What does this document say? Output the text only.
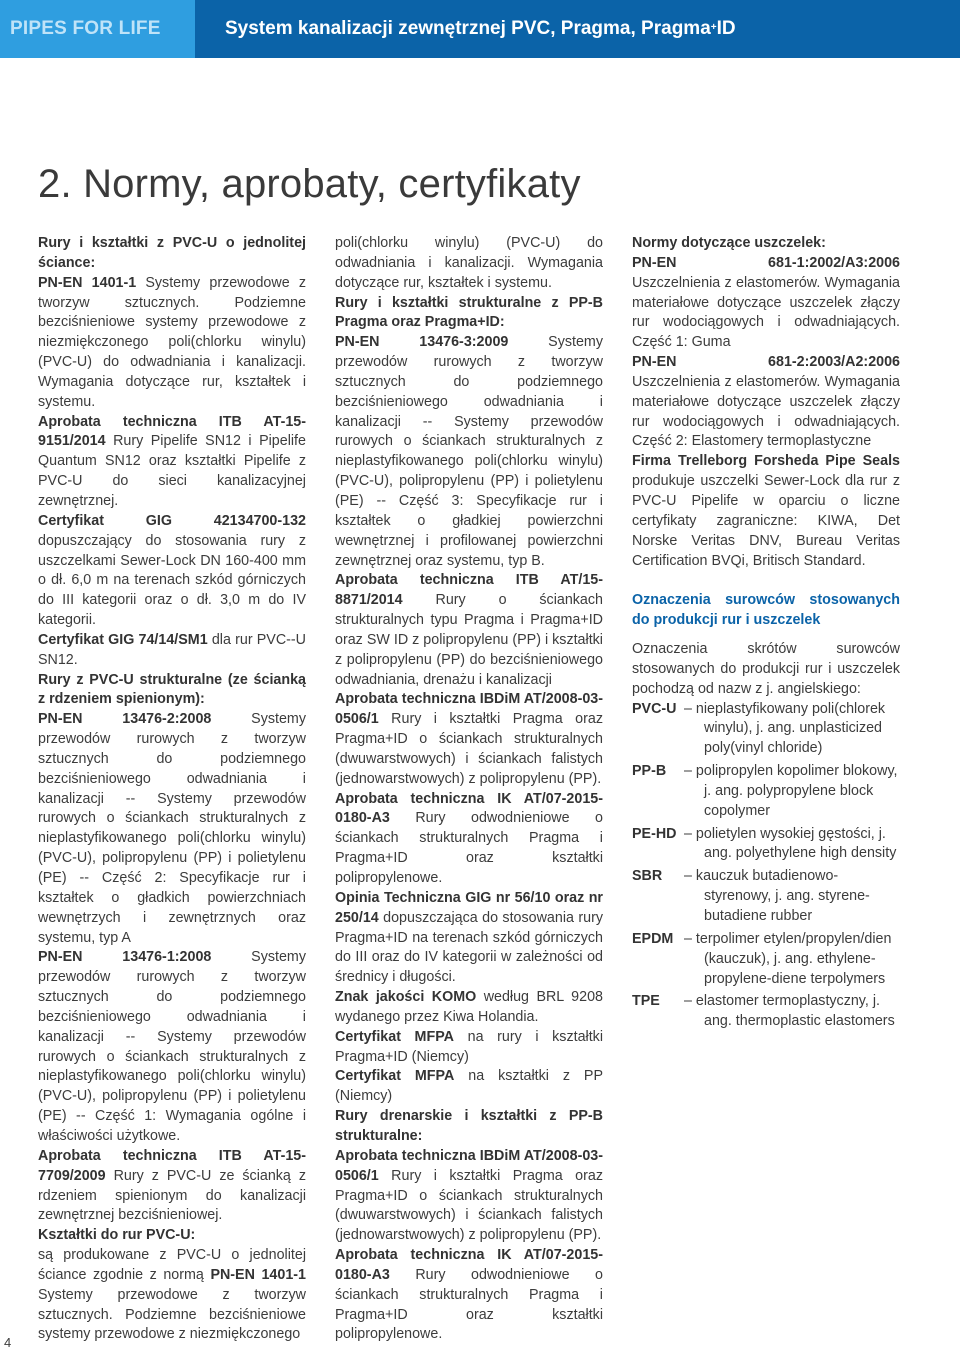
PIPES FOR LIFE	System kanalizacji zewnętrznej PVC, Pragma, Pragma+ ID
2. Normy, aprobaty, certyfikaty

Rury i kształtki z PVC-U o jednolitej ściance:

PN-EN 1401-1 Systemy przewodowe z tworzyw sztucznych. Podziemne bezciśnieniowe systemy przewodowe z niezmiękczonego poli(chlorku winylu) (PVC-U) do odwadniania i kanalizacji. Wymagania dotyczące rur, kształtek i systemu.

Aprobata techniczna ITB AT-15-9151/2014 Rury Pipelife SN12 i Pipelife Quantum SN12 oraz kształtki Pipelife z PVC-U do sieci kanalizacyjnej zewnętrznej.

Certyfikat GIG 42134700-132 dopuszczający do stosowania rury z uszczelkami Sewer-Lock DN 160-400 mm o dł. 6,0 m na terenach szkód górniczych do III kategorii oraz o dł. 3,0 m do IV kategorii.

Certyfikat GIG 74/14/SM1 dla rur PVC--U SN12.

Rury z PVC-U strukturalne (ze ścianką z rdzeniem spienionym):

PN-EN 13476-2:2008 Systemy przewodów rurowych z tworzyw sztucznych do podziemnego bezciśnieniowego odwadniania i kanalizacji -- Systemy przewodów rurowych o ściankach strukturalnych z nieplastyfikowanego poli(chlorku winylu) (PVC-U), polipropylenu (PP) i polietylenu (PE) -- Część 2: Specyfikacje rur i kształtek o gładkich powierzchniach wewnętrzych i zewnętrznych oraz systemu, typ A

PN-EN 13476-1:2008 Systemy przewodów rurowych z tworzyw sztucznych do podziemnego bezciśnieniowego odwadniania i kanalizacji -- Systemy przewodów rurowych o ściankach strukturalnych z nieplastyfikowanego poli(chlorku winylu) (PVC-U), polipropylenu (PP) i polietylenu (PE) -- Część 1: Wymagania ogólne i właściwości użytkowe.

Aprobata techniczna ITB AT-15-7709/2009 Rury z PVC-U ze ścianką z rdzeniem spienionym do kanalizacji zewnętrznej bezciśnieniowej.

Kształtki do rur PVC-U:

są produkowane z PVC-U o jednolitej ściance zgodnie z normą PN-EN 1401-1 Systemy przewodowe z tworzyw sztucznych. Podziemne bezciśnieniowe systemy przewodowe z niezmiękczonego

poli(chlorku winylu) (PVC-U) do odwadniania i kanalizacji. Wymagania dotyczące rur, kształtek i systemu.

Rury i kształtki strukturalne z PP-B Pragma oraz Pragma+ID:

PN-EN 13476-3:2009 Systemy przewodów rurowych z tworzyw sztucznych do podziemnego bezciśnieniowego odwadniania i kanalizacji -- Systemy przewodów rurowych o ściankach strukturalnych z nieplastyfikowanego poli(chlorku winylu) (PVC-U), polipropylenu (PP) i polietylenu (PE) -- Część 3: Specyfikacje rur i kształtek o gładkiej powierzchni wewnętrznej i profilowanej powierzchni zewnętrznej oraz systemu, typ B.

Aprobata techniczna ITB AT/15-8871/2014 Rury o ściankach strukturalnych typu Pragma i Pragma+ID oraz SW ID z polipropylenu (PP) i kształtki z polipropylenu (PP) do bezciśnieniowego odwadniania, drenażu i kanalizacji

Aprobata techniczna IBDiM AT/2008-03-0506/1 Rury i kształtki Pragma oraz Pragma+ID o ściankach strukturalnych (dwuwarstwowych) i ściankach falistych (jednowarstwowych) z polipropylenu (PP).

Aprobata techniczna IK AT/07-2015-0180-A3 Rury odwodnieniowe o ściankach strukturalnych Pragma i Pragma+ID oraz kształtki polipropylenowe.

Opinia Techniczna GIG nr 56/10 oraz nr 250/14 dopuszczająca do stosowania rury Pragma+ID na terenach szkód górniczych do III oraz do IV kategorii w zależności od średnicy i długości.

Znak jakości KOMO według BRL 9208 wydanego przez Kiwa Holandia.

Certyfikat MFPA na rury i kształtki Pragma+ID (Niemcy)

Certyfikat MFPA na kształtki z PP (Niemcy)

Rury drenarskie i kształtki z PP-B strukturalne:

Aprobata techniczna IBDiM AT/2008-03-0506/1 Rury i kształtki Pragma oraz Pragma+ID o ściankach strukturalnych (dwuwarstwowych) i ściankach falistych (jednowarstwowych) z polipropylenu (PP).

Aprobata techniczna IK AT/07-2015-0180-A3 Rury odwodnieniowe o ściankach strukturalnych Pragma i Pragma+ID oraz kształtki polipropylenowe.

Normy dotyczące uszczelek:

PN-EN 681-1:2002/A3:2006 Uszczelnienia z elastomerów. Wymagania materiałowe dotyczące uszczelek złączy rur wodociągowych i odwadniających. Część 1: Guma

PN-EN 681-2:2003/A2:2006 Uszczelnienia z elastomerów. Wymagania materiałowe dotyczące uszczelek złączy rur wodociągowych i odwadniających. Część 2: Elastomery termoplastyczne

Firma Trelleborg Forsheda Pipe Seals produkuje uszczelki Sewer-Lock dla rur z PVC-U Pipelife w oparciu o liczne certyfikaty zagraniczne: KIWA, Det Norske Veritas DNV, Bureau Veritas Certification BVQi, Britisch Standard.

Oznaczenia surowców stosowanych do produkcji rur i uszczelek

Oznaczenia skrótów surowców stosowanych do produkcji rur i uszczelek pochodzą od nazw z j. angielskiego:

PVC-U – nieplastyfikowany poli(chlorek winylu), j. ang. unplasticized poly(vinyl chloride)
PP-B	– polipropylen kopolimer blokowy, j. ang. polypropylene block copolymer
PE-HD – polietylen wysokiej gęstości, j. ang. polyethylene high density
SBR	– kauczuk butadienowo-styrenowy, j. ang. styrene-butadiene rubber
EPDM – terpolimer etylen/propylen/dien (kauczuk), j. ang. ethylene-propylene-diene terpolymers
TPE	– elastomer termoplastyczny, j. ang. thermoplastic elastomers
4
